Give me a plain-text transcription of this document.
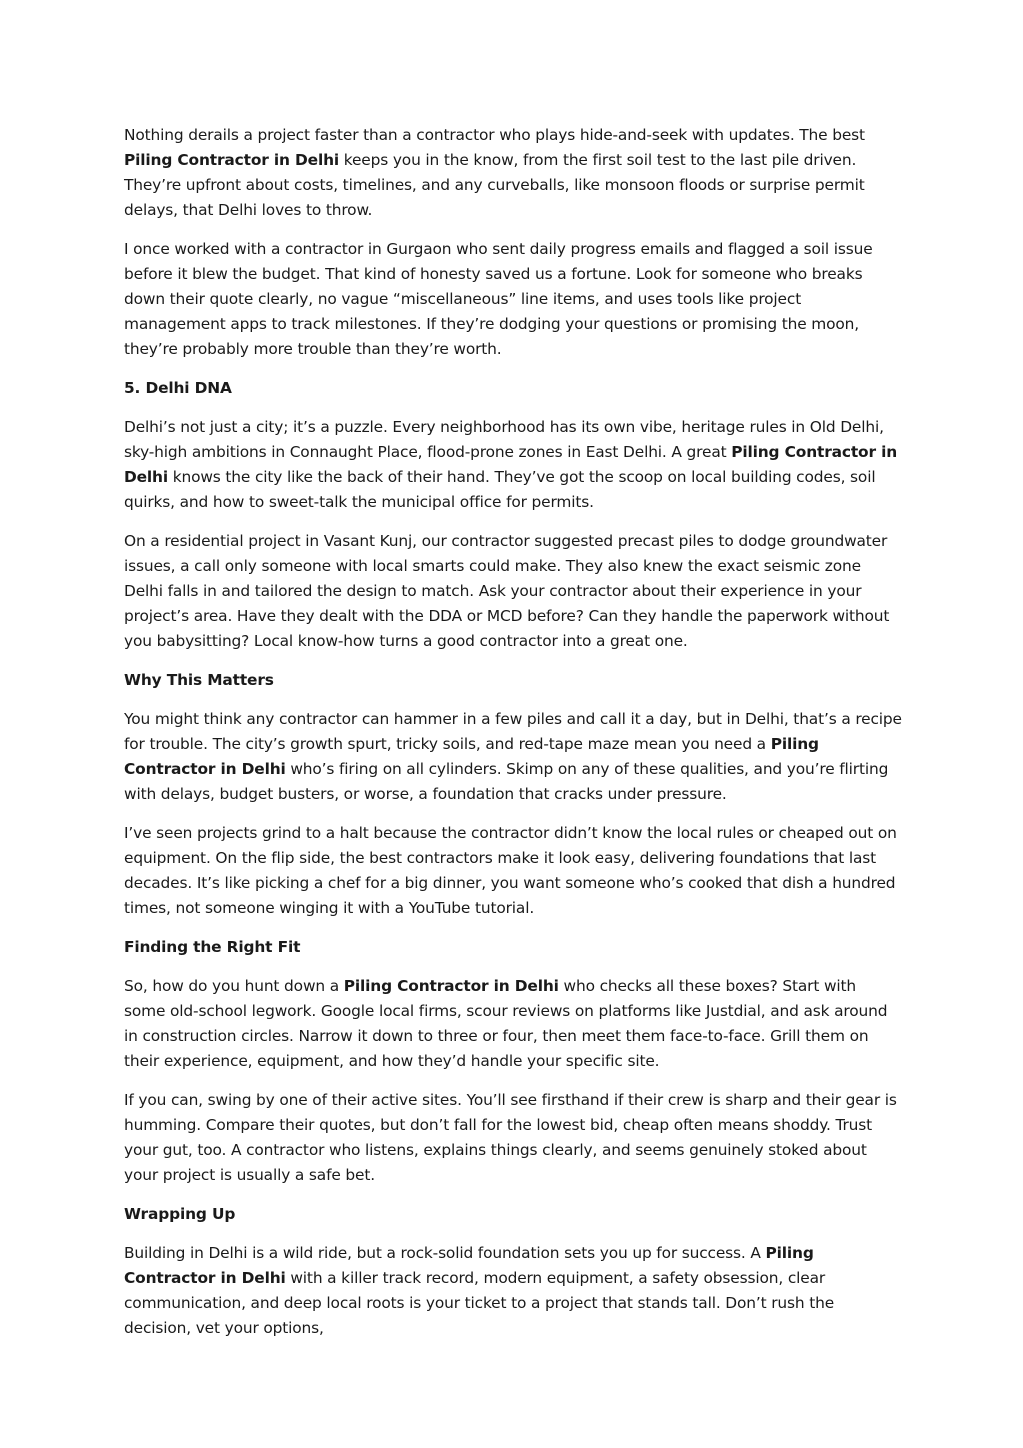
Nothing derails a project faster than a contractor who plays hide-and-seek with updates. The best Piling Contractor in Delhi keeps you in the know, from the first soil test to the last pile driven. They’re upfront about costs, timelines, and any curveballs, like monsoon floods or surprise permit delays, that Delhi loves to throw.

I once worked with a contractor in Gurgaon who sent daily progress emails and flagged a soil issue before it blew the budget. That kind of honesty saved us a fortune. Look for someone who breaks down their quote clearly, no vague “miscellaneous” line items, and uses tools like project management apps to track milestones. If they’re dodging your questions or promising the moon, they’re probably more trouble than they’re worth.

5. Delhi DNA

Delhi’s not just a city; it’s a puzzle. Every neighborhood has its own vibe, heritage rules in Old Delhi, sky-high ambitions in Connaught Place, flood-prone zones in East Delhi. A great Piling Contractor in Delhi knows the city like the back of their hand. They’ve got the scoop on local building codes, soil quirks, and how to sweet-talk the municipal office for permits.

On a residential project in Vasant Kunj, our contractor suggested precast piles to dodge groundwater issues, a call only someone with local smarts could make. They also knew the exact seismic zone Delhi falls in and tailored the design to match. Ask your contractor about their experience in your project’s area. Have they dealt with the DDA or MCD before? Can they handle the paperwork without you babysitting? Local know-how turns a good contractor into a great one.

Why This Matters

You might think any contractor can hammer in a few piles and call it a day, but in Delhi, that’s a recipe for trouble. The city’s growth spurt, tricky soils, and red-tape maze mean you need a Piling Contractor in Delhi who’s firing on all cylinders. Skimp on any of these qualities, and you’re flirting with delays, budget busters, or worse, a foundation that cracks under pressure.

I’ve seen projects grind to a halt because the contractor didn’t know the local rules or cheaped out on equipment. On the flip side, the best contractors make it look easy, delivering foundations that last decades. It’s like picking a chef for a big dinner, you want someone who’s cooked that dish a hundred times, not someone winging it with a YouTube tutorial.

Finding the Right Fit

So, how do you hunt down a Piling Contractor in Delhi who checks all these boxes? Start with some old-school legwork. Google local firms, scour reviews on platforms like Justdial, and ask around in construction circles. Narrow it down to three or four, then meet them face-to-face. Grill them on their experience, equipment, and how they’d handle your specific site.

If you can, swing by one of their active sites. You’ll see firsthand if their crew is sharp and their gear is humming. Compare their quotes, but don’t fall for the lowest bid, cheap often means shoddy. Trust your gut, too. A contractor who listens, explains things clearly, and seems genuinely stoked about your project is usually a safe bet.

Wrapping Up

Building in Delhi is a wild ride, but a rock-solid foundation sets you up for success. A Piling Contractor in Delhi with a killer track record, modern equipment, a safety obsession, clear communication, and deep local roots is your ticket to a project that stands tall. Don’t rush the decision, vet your options,
